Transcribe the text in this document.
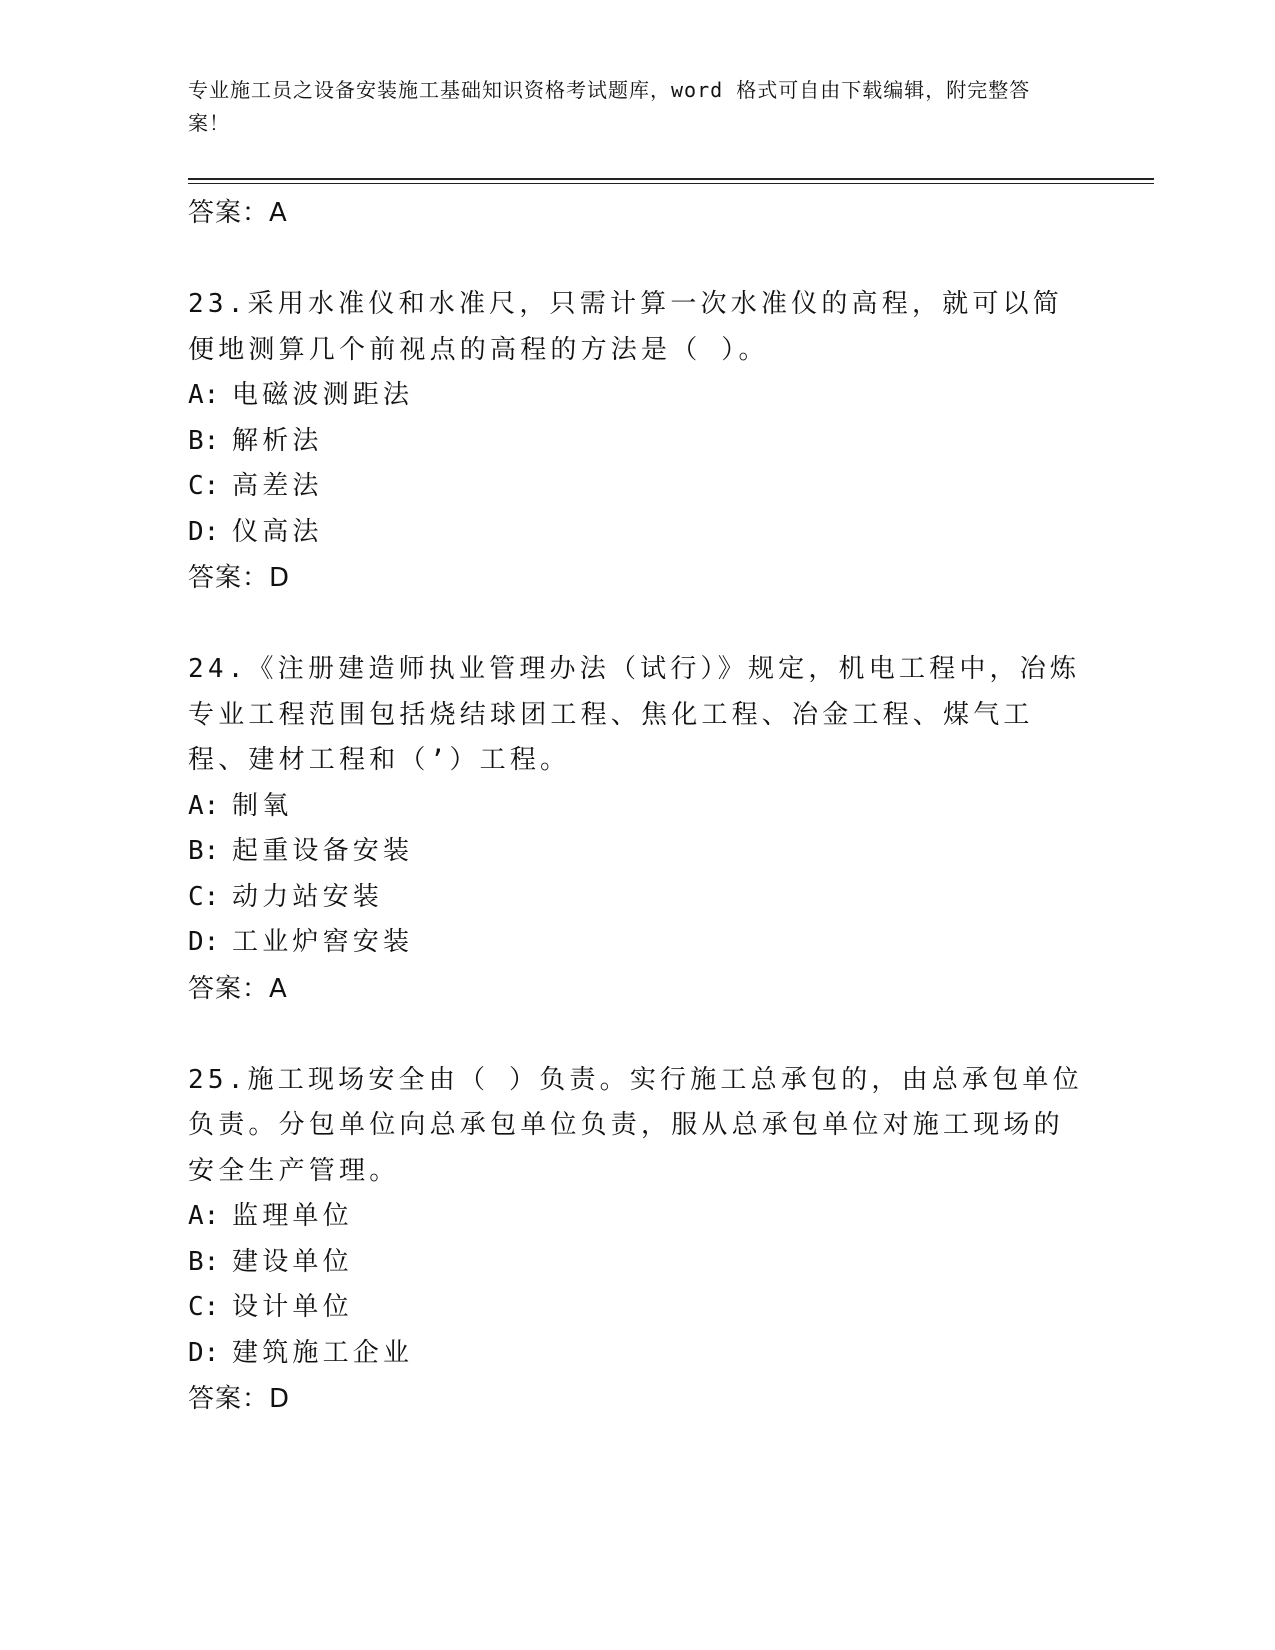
专业施工员之设备安装施工基础知识资格考试题库，word 格式可自由下载编辑，附完整答案！
答案：A
23.采用水准仪和水准尺，只需计算一次水准仪的高程，就可以简便地测算几个前视点的高程的方法是（ ）。
A: 电磁波测距法
B: 解析法
C: 高差法
D: 仪高法
答案：D
24.《注册建造师执业管理办法（试行）》规定，机电工程中，冶炼专业工程范围包括烧结球团工程、焦化工程、冶金工程、煤气工程、建材工程和（’）工程。
A: 制氧
B: 起重设备安装
C: 动力站安装
D: 工业炉窖安装
答案：A
25.施工现场安全由（ ）负责。实行施工总承包的，由总承包单位负责。分包单位向总承包单位负责，服从总承包单位对施工现场的安全生产管理。
A: 监理单位
B: 建设单位
C: 设计单位
D: 建筑施工企业
答案：D
